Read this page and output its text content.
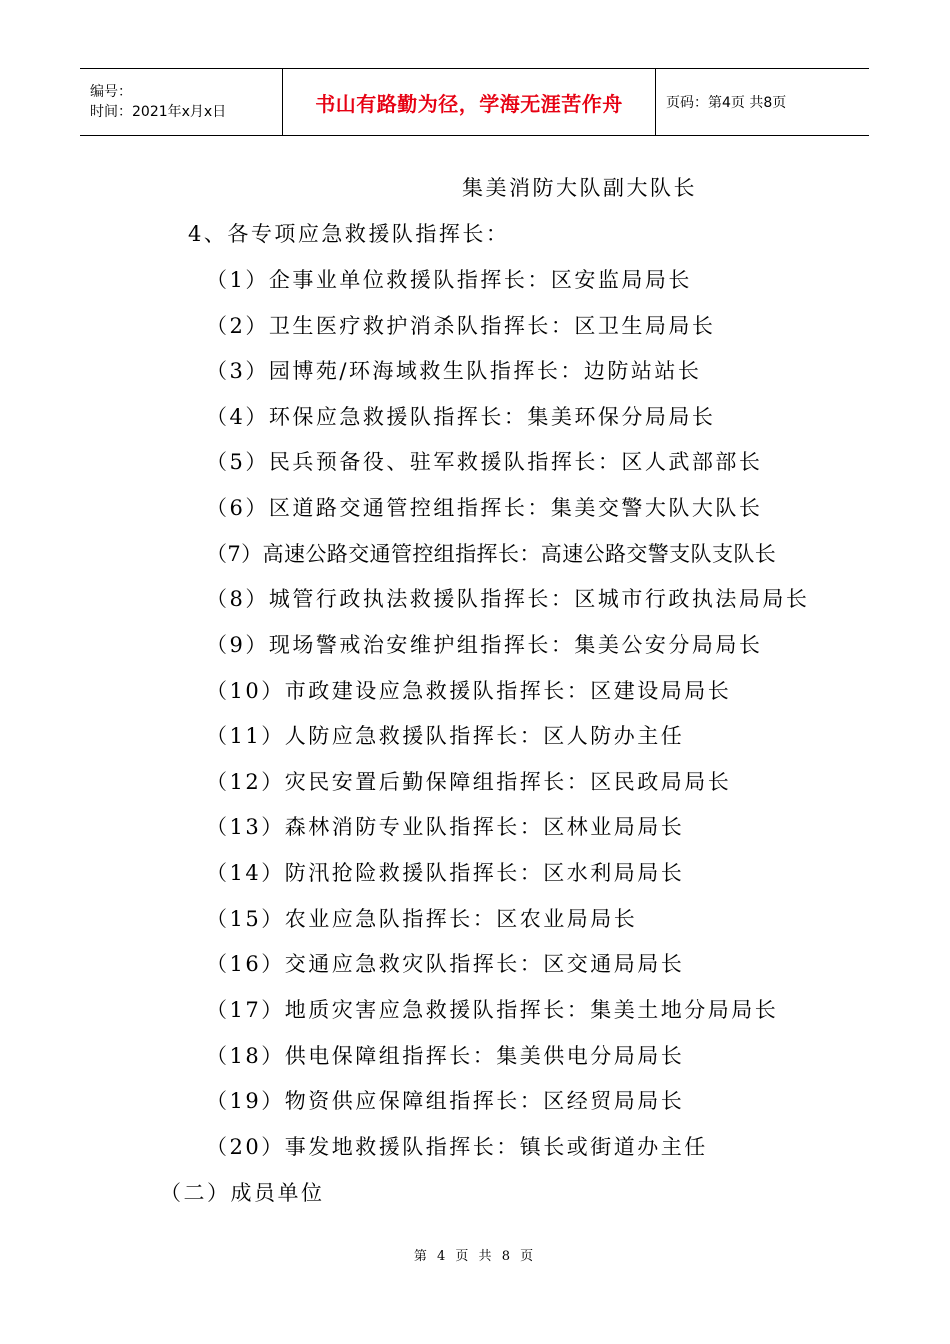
编号：
时间：2021年x月x日	书山有路勤为径，学海无涯苦作舟	页码：第4页 共8页
集美消防大队副大队长
4、各专项应急救援队指挥长：
（1）企事业单位救援队指挥长：区安监局局长
（2）卫生医疗救护消杀队指挥长：区卫生局局长
（3）园博苑/环海域救生队指挥长：边防站站长
（4）环保应急救援队指挥长：集美环保分局局长
（5）民兵预备役、驻军救援队指挥长：区人武部部长
（6）区道路交通管控组指挥长：集美交警大队大队长
（7）高速公路交通管控组指挥长：高速公路交警支队支队长
（8）城管行政执法救援队指挥长：区城市行政执法局局长
（9）现场警戒治安维护组指挥长：集美公安分局局长
（10）市政建设应急救援队指挥长：区建设局局长
（11）人防应急救援队指挥长：区人防办主任
（12）灾民安置后勤保障组指挥长：区民政局局长
（13）森林消防专业队指挥长：区林业局局长
（14）防汛抢险救援队指挥长：区水利局局长
（15）农业应急队指挥长：区农业局局长
（16）交通应急救灾队指挥长：区交通局局长
（17）地质灾害应急救援队指挥长：集美土地分局局长
（18）供电保障组指挥长：集美供电分局局长
（19）物资供应保障组指挥长：区经贸局局长
（20）事发地救援队指挥长：镇长或街道办主任
（二）成员单位
第 4 页 共 8 页
